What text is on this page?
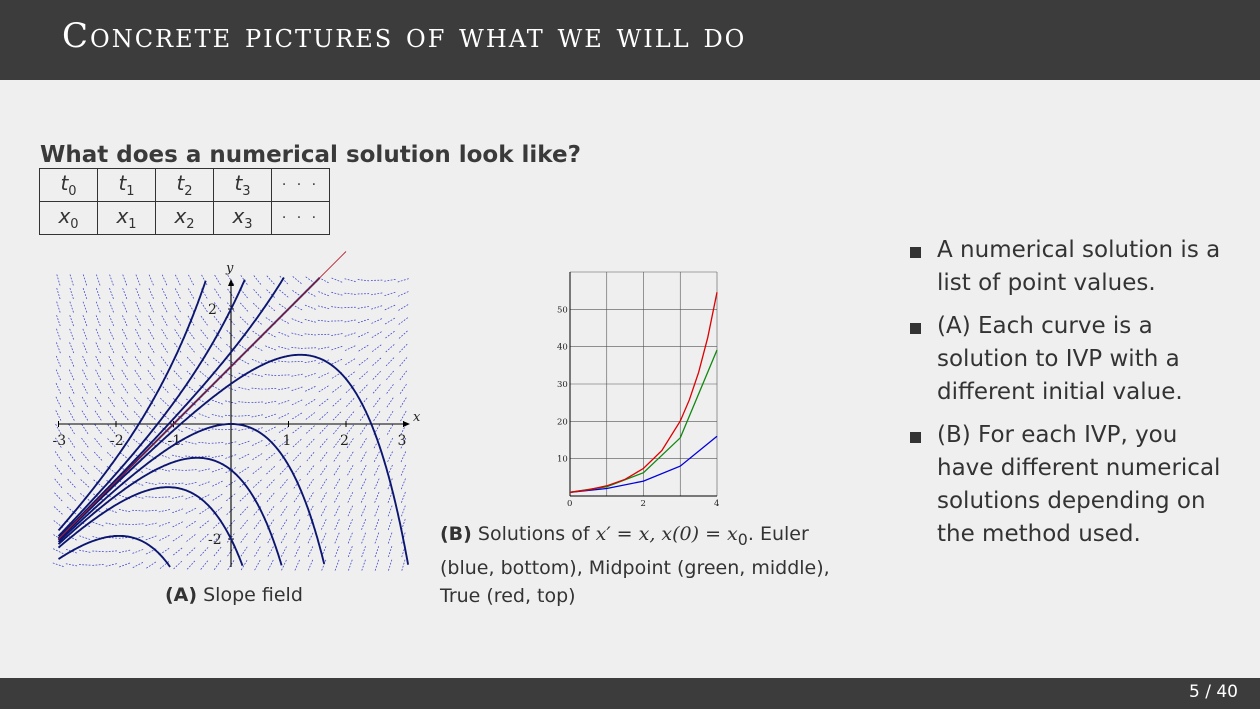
Concrete pictures of what we will do
What does a numerical solution look like?
$t_0$	$t_1$	$t_2$	$t_3$	· · ·
$x_0$	$x_1$	$x_2$	$x_3$	· · ·
x
y
-3	-2	-1	1	2	3
2
-2
(A) Slope field
10
20
30
40
50
0	2	4
(B) Solutions of x′ = x, $x(0) = x_0$. Euler (blue, bottom), Midpoint (green, middle), True (red, top)
A numerical solution is a list of point values.
(A) Each curve is a solution to IVP with a different initial value.
(B) For each IVP, you have different numerical solutions depending on the method used.
5 / 40
